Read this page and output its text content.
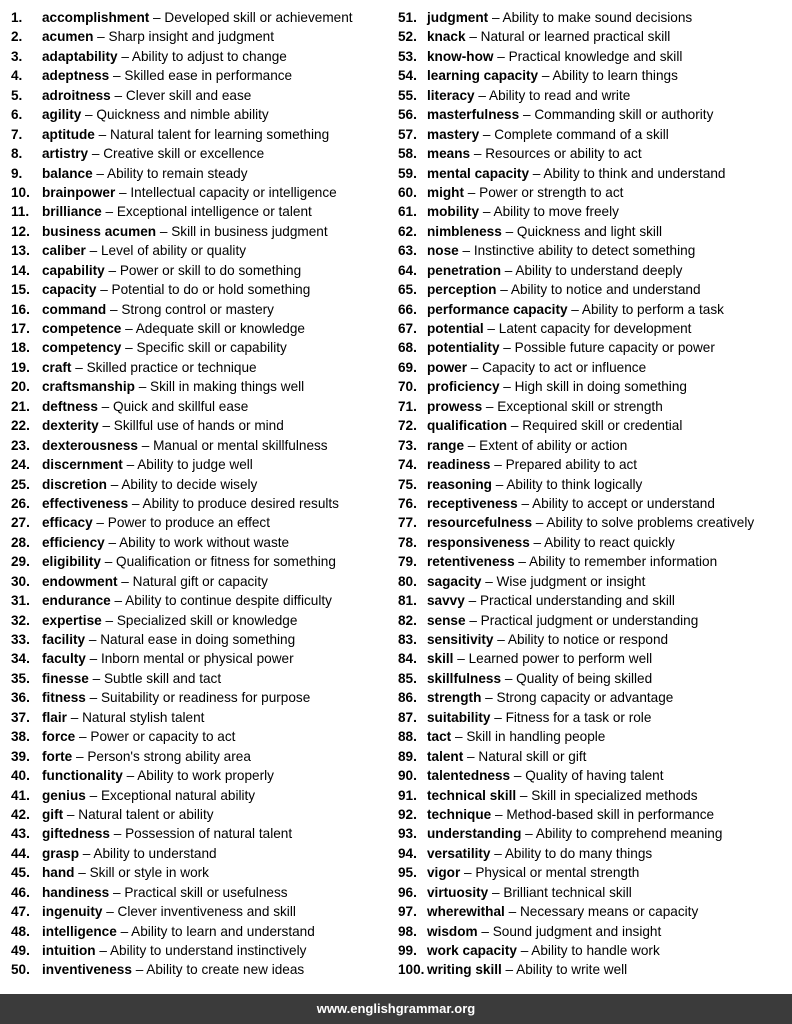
1.	accomplishment – Developed skill or achievement
2.	acumen – Sharp insight and judgment
3.	adaptability – Ability to adjust to change
4.	adeptness – Skilled ease in performance
5.	adroitness – Clever skill and ease
6.	agility – Quickness and nimble ability
7.	aptitude – Natural talent for learning something
8.	artistry – Creative skill or excellence
9.	balance – Ability to remain steady
10. brainpower – Intellectual capacity or intelligence
11. brilliance – Exceptional intelligence or talent
12. business acumen – Skill in business judgment
13. caliber – Level of ability or quality
14. capability – Power or skill to do something
15. capacity – Potential to do or hold something
16. command – Strong control or mastery
17. competence – Adequate skill or knowledge
18. competency – Specific skill or capability
19. craft – Skilled practice or technique
20. craftsmanship – Skill in making things well
21. deftness – Quick and skillful ease
22. dexterity – Skillful use of hands or mind
23. dexterousness – Manual or mental skillfulness
24. discernment – Ability to judge well
25. discretion – Ability to decide wisely
26. effectiveness – Ability to produce desired results
27. efficacy – Power to produce an effect
28. efficiency – Ability to work without waste
29. eligibility – Qualification or fitness for something
30. endowment – Natural gift or capacity
31. endurance – Ability to continue despite difficulty
32. expertise – Specialized skill or knowledge
33. facility – Natural ease in doing something
34. faculty – Inborn mental or physical power
35. finesse – Subtle skill and tact
36. fitness – Suitability or readiness for purpose
37. flair – Natural stylish talent
38. force – Power or capacity to act
39. forte – Person's strong ability area
40. functionality – Ability to work properly
41. genius – Exceptional natural ability
42. gift – Natural talent or ability
43. giftedness – Possession of natural talent
44. grasp – Ability to understand
45. hand – Skill or style in work
46. handiness – Practical skill or usefulness
47. ingenuity – Clever inventiveness and skill
48. intelligence – Ability to learn and understand
49. intuition – Ability to understand instinctively
50. inventiveness – Ability to create new ideas
51. judgment – Ability to make sound decisions
52. knack – Natural or learned practical skill
53. know-how – Practical knowledge and skill
54. learning capacity – Ability to learn things
55. literacy – Ability to read and write
56. masterfulness – Commanding skill or authority
57. mastery – Complete command of a skill
58. means – Resources or ability to act
59. mental capacity – Ability to think and understand
60. might – Power or strength to act
61. mobility – Ability to move freely
62. nimbleness – Quickness and light skill
63. nose – Instinctive ability to detect something
64. penetration – Ability to understand deeply
65. perception – Ability to notice and understand
66. performance capacity – Ability to perform a task
67. potential – Latent capacity for development
68. potentiality – Possible future capacity or power
69. power – Capacity to act or influence
70. proficiency – High skill in doing something
71. prowess – Exceptional skill or strength
72. qualification – Required skill or credential
73. range – Extent of ability or action
74. readiness – Prepared ability to act
75. reasoning – Ability to think logically
76. receptiveness – Ability to accept or understand
77. resourcefulness – Ability to solve problems creatively
78. responsiveness – Ability to react quickly
79. retentiveness – Ability to remember information
80. sagacity – Wise judgment or insight
81. savvy – Practical understanding and skill
82. sense – Practical judgment or understanding
83. sensitivity – Ability to notice or respond
84. skill – Learned power to perform well
85. skillfulness – Quality of being skilled
86. strength – Strong capacity or advantage
87. suitability – Fitness for a task or role
88. tact – Skill in handling people
89. talent – Natural skill or gift
90. talentedness – Quality of having talent
91. technical skill – Skill in specialized methods
92. technique – Method-based skill in performance
93. understanding – Ability to comprehend meaning
94. versatility – Ability to do many things
95. vigor – Physical or mental strength
96. virtuosity – Brilliant technical skill
97. wherewithal – Necessary means or capacity
98. wisdom – Sound judgment and insight
99. work capacity – Ability to handle work
100. writing skill – Ability to write well
www.englishgrammar.org
